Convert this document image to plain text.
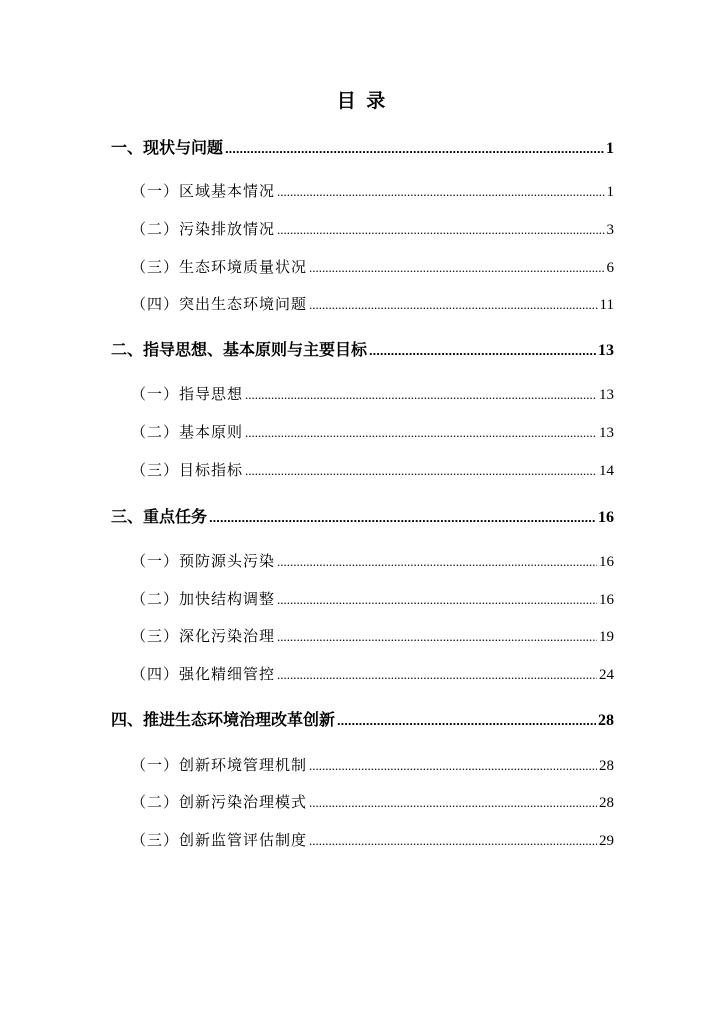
目 录
一、现状与问题 .....	1
（一）区域基本情况 .....	1
（二）污染排放情况 .....	3
（三）生态环境质量状况 .....	6
（四）突出生态环境问题 .....	11
二、指导思想、基本原则与主要目标 .....	13
（一）指导思想 .....	13
（二）基本原则 .....	13
（三）目标指标 .....	14
三、重点任务 .....	16
（一）预防源头污染 .....	16
（二）加快结构调整 .....	16
（三）深化污染治理 .....	19
（四）强化精细管控 .....	24
四、推进生态环境治理改革创新 .....	28
（一）创新环境管理机制 .....	28
（二）创新污染治理模式 .....	28
（三）创新监管评估制度 .....	29
